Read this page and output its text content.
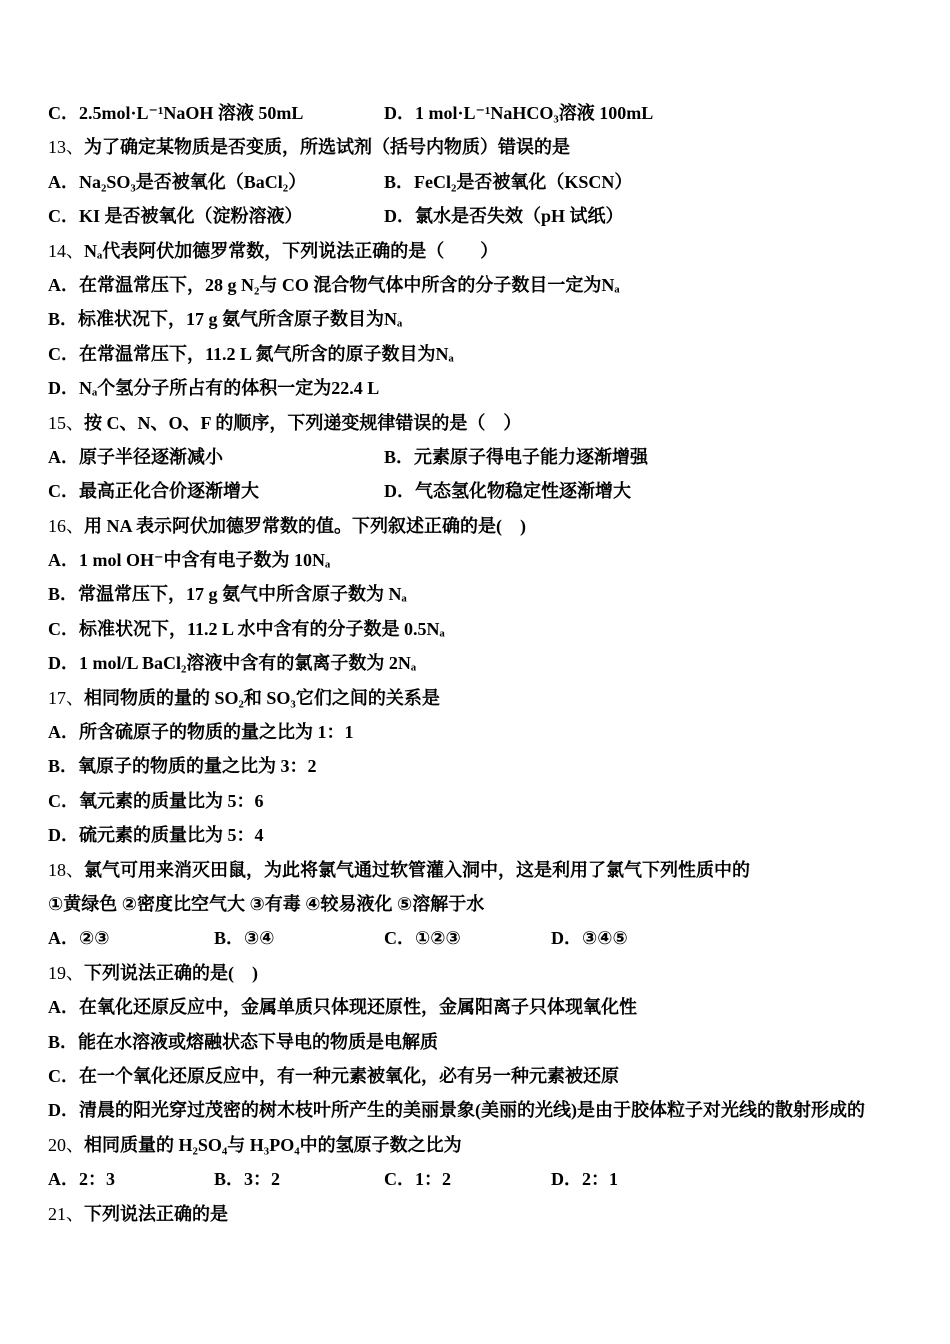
C．2.5mol·L⁻¹NaOH 溶液 50mL	D．1 mol·L⁻¹NaHCO₃溶液 100mL
13、为了确定某物质是否变质，所选试剂（括号内物质）错误的是
A．Na₂SO₃是否被氧化（BaCl₂）	B．FeCl₂是否被氧化（KSCN）
C．KI 是否被氧化（淀粉溶液）	D．氯水是否失效（pH 试纸）
14、Nₐ代表阿伏加德罗常数，下列说法正确的是（　　）
A．在常温常压下，28 g N₂与 CO 混合物气体中所含的分子数目一定为Nₐ
B．标准状况下，17 g 氨气所含原子数目为Nₐ
C．在常温常压下，11.2 L 氮气所含的原子数目为Nₐ
D．Nₐ个氢分子所占有的体积一定为22.4 L
15、按 C、N、O、F 的顺序，下列递变规律错误的是（　）
A．原子半径逐渐减小	B．元素原子得电子能力逐渐增强
C．最高正化合价逐渐增大	D．气态氢化物稳定性逐渐增大
16、用 NA 表示阿伏加德罗常数的值。下列叙述正确的是(　)
A．1 mol OH⁻中含有电子数为 10Nₐ
B．常温常压下，17 g 氨气中所含原子数为 Nₐ
C．标准状况下，11.2 L 水中含有的分子数是 0.5Nₐ
D．1 mol/L BaCl₂溶液中含有的氯离子数为 2Nₐ
17、相同物质的量的 SO₂和 SO₃它们之间的关系是
A．所含硫原子的物质的量之比为 1：1
B．氧原子的物质的量之比为 3：2
C．氧元素的质量比为 5：6
D．硫元素的质量比为 5：4
18、氯气可用来消灭田鼠，为此将氯气通过软管灌入洞中，这是利用了氯气下列性质中的
①黄绿色 ②密度比空气大 ③有毒 ④较易液化 ⑤溶解于水
A．②③	B．③④	C．①②③	D．③④⑤
19、下列说法正确的是(　)
A．在氧化还原反应中，金属单质只体现还原性，金属阳离子只体现氧化性
B．能在水溶液或熔融状态下导电的物质是电解质
C．在一个氧化还原反应中，有一种元素被氧化，必有另一种元素被还原
D．清晨的阳光穿过茂密的树木枝叶所产生的美丽景象(美丽的光线)是由于胶体粒子对光线的散射形成的
20、相同质量的 H₂SO₄与 H₃PO₄中的氢原子数之比为
A．2：3	B．3：2	C．1：2	D．2：1
21、下列说法正确的是
